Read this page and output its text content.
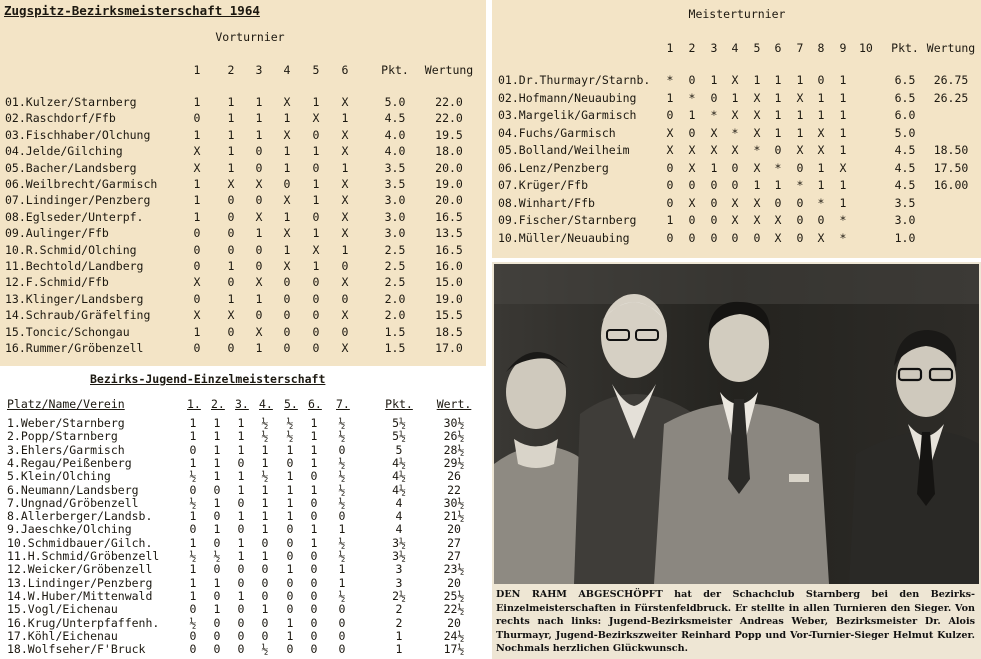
Zugspitz-Bezirksmeisterschaft 1964
Vorturnier
1 2 3 4 5 6	Pkt.	Wertung
01.Kulzer/Starnberg	1 1 1 X 1 X	5.0	22.0
02.Raschdorf/Ffb	0 1 1 1 X 1	4.5	22.0
03.Fischhaber/Olchung	1 1 1 X 0 X	4.0	19.5
04.Jelde/Gilching	X 1 0 1 1 X	4.0	18.0
05.Bacher/Landsberg	X 1 0 1 0 1	3.5	20.0
06.Weilbrecht/Garmisch	1 X X 0 1 X	3.5	19.0
07.Lindinger/Penzberg	1 0 0 X 1 X	3.0	20.0
08.Eglseder/Unterpf.	1 0 X 1 0 X	3.0	16.5
09.Aulinger/Ffb	0 0 1 X 1 X	3.0	13.5
10.R.Schmid/Olching	0 0 0 1 X 1	2.5	16.5
11.Bechtold/Landberg	0 1 0 X 1 0	2.5	16.0
12.F.Schmid/Ffb	X 0 X 0 0 X	2.5	15.0
13.Klinger/Landsberg	0 1 1 0 0 0	2.0	19.0
14.Schraub/Gräfelfing	X X 0 0 0 X	2.0	15.5
15.Toncic/Schongau	1 0 X 0 0 0	1.5	18.5
16.Rummer/Gröbenzell	0 0 1 0 0 X	1.5	17.0
Meisterturnier
1 2 3 4 5 6 7 8 9 10	Pkt. Wertung
01.Dr.Thurmayr/Starnb. * 0 1 X 1 1 1 0 1	6.5	26.75
02.Hofmann/Neuaubing	1 * 0 1 X 1 X 1 1	6.5	26.25
03.Margelik/Garmisch	0 1 * X X 1 1 1 1	6.0
04.Fuchs/Garmisch	X 0 X * X 1 1 X 1	5.0
05.Bolland/Weilheim	X X X X * 0 X X 1	4.5	18.50
06.Lenz/Penzberg	0 X 1 0 X * 0 1 X	4.5	17.50
07.Krüger/Ffb	0 0 0 0 1 1 * 1 1	4.5	16.00
08.Winhart/Ffb	0 X 0 X X 0 0 * 1	3.5
09.Fischer/Starnberg	1 0 0 X X X 0 0 *	3.0
10.Müller/Neuaubing	0 0 0 0 0 X 0 X *	1.0
Bezirks-Jugend-Einzelmeisterschaft
1. 2. 3. 4. 5. 6. 7.	Pkt.	Wert.
Platz/Name/Verein
1.Weber/Starnberg	1 1 1 ½ ½ 1 ½	5½	30½
2.Popp/Starnberg	1 1 1 ½ ½ 1 ½	5½	26½
3.Ehlers/Garmisch	0 1 1 1 1 1 0	5	28½
4.Regau/Peißenberg	1 1 0 1 0 1 ½	4½	29½
5.Klein/Olching	½ 1 1 ½ 1 0 ½	4½	26
6.Neumann/Landsberg	0 0 1 1 1 1 ½	4½	22
7.Ungnad/Gröbenzell	½ 1 0 1 1 0 ½	4	30½
8.Allerberger/Landsb.	1 0 1 1 1 0 0	4	21½
9.Jaeschke/Olching	0 1 0 1 0 1 1	4	20
10.Schmidbauer/Gilch.	1 0 1 0 0 1 ½	3½	27
11.H.Schmid/Gröbenzell	½ ½ 1 1 0 0 ½	3½	27
12.Weicker/Gröbenzell	1 0 0 0 1 0 1	3	23½
13.Lindinger/Penzberg	1 1 0 0 0 0 1	3	20
14.W.Huber/Mittenwald	1 0 1 0 0 0 ½	2½	25½
15.Vogl/Eichenau	0 1 0 1 0 0 0	2	22½
16.Krug/Unterpfaffenh.	½ 0 0 0 1 0 0	2	20
17.Köhl/Eichenau	0 0 0 0 1 0 0	1	24½
18.Wolfseher/F'Bruck	0 0 0 ½ 0 0 0	1	17½
DEN RAHM ABGESCHÖPFT hat der Schachclub Starnberg bei den Bezirks-Einzelmeisterschaften in Fürstenfeldbruck. Er stellte in allen Turnieren den Sieger. Von rechts nach links: Jugend-Bezirksmeister Andreas Weber, Bezirksmeister Dr. Alois Thurmayr, Jugend-Bezirkszweiter Reinhard Popp und Vor-Turnier-Sieger Helmut Kulzer. Nochmals herzlichen Glückwunsch.
